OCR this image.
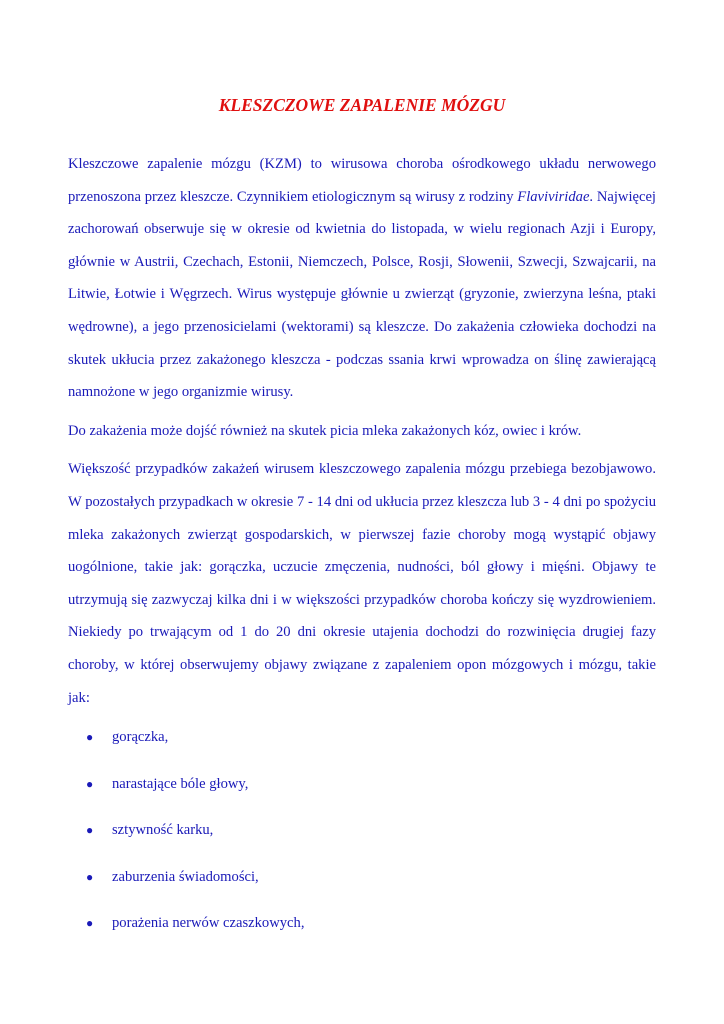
KLESZCZOWE ZAPALENIE MÓZGU

Kleszczowe zapalenie mózgu (KZM) to wirusowa choroba ośrodkowego układu nerwowego przenoszona przez kleszcze. Czynnikiem etiologicznym są wirusy z rodziny Flaviviridae. Najwięcej zachorowań obserwuje się w okresie od kwietnia do listopada, w wielu regionach Azji i Europy, głównie w Austrii, Czechach, Estonii, Niemczech, Polsce, Rosji, Słowenii, Szwecji, Szwajcarii, na Litwie, Łotwie i Węgrzech. Wirus występuje głównie u zwierząt (gryzonie, zwierzyna leśna, ptaki wędrowne), a jego przenosicielami (wektorami) są kleszcze. Do zakażenia człowieka dochodzi na skutek ukłucia przez zakażonego kleszcza - podczas ssania krwi wprowadza on ślinę zawierającą namnożone w jego organizmie wirusy.

Do zakażenia może dojść również na skutek picia mleka zakażonych kóz, owiec i krów.

Większość przypadków zakażeń wirusem kleszczowego zapalenia mózgu przebiega bezobjawowo. W pozostałych przypadkach w okresie 7 - 14 dni od ukłucia przez kleszcza lub 3 - 4 dni po spożyciu mleka zakażonych zwierząt gospodarskich, w pierwszej fazie choroby mogą wystąpić objawy uogólnione, takie jak: gorączka, uczucie zmęczenia, nudności, ból głowy i mięśni. Objawy te utrzymują się zazwyczaj kilka dni i w większości przypadków choroba kończy się wyzdrowieniem. Niekiedy po trwającym od 1 do 20 dni okresie utajenia dochodzi do rozwinięcia drugiej fazy choroby, w której obserwujemy objawy związane z zapaleniem opon mózgowych i mózgu, takie jak:

● gorączka,
● narastające bóle głowy,
● sztywność karku,
● zaburzenia świadomości,
● porażenia nerwów czaszkowych,
